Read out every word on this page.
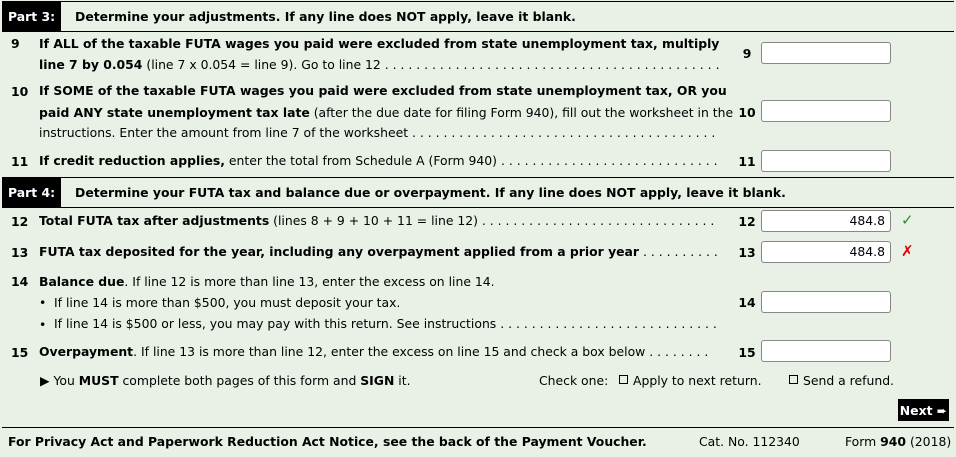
Part 3:	Determine your adjustments. If any line does NOT apply, leave it blank.
9 If ALL of the taxable FUTA wages you paid were excluded from state unemployment tax, multiply
line 7 by 0.054 (line 7 x 0.054 = line 9). Go to line 12 . . .
9
10 If SOME of the taxable FUTA wages you paid were excluded from state unemployment tax, OR you
paid ANY state unemployment tax late (after the due date for filing Form 940), fill out the worksheet in the
instructions. Enter the amount from line 7 of the worksheet . . .
10
11 If credit reduction applies, enter the total from Schedule A (Form 940) . . .	11
Part 4:	Determine your FUTA tax and balance due or overpayment. If any line does NOT apply, leave it blank.
12 Total FUTA tax after adjustments (lines 8 + 9 + 10 + 11 = line 12) . . .	12	484.8	✓
13 FUTA tax deposited for the year, including any overpayment applied from a prior year . . .	13	484.8	✗
14 Balance due. If line 12 is more than line 13, enter the excess on line 14.
• If line 14 is more than $500, you must deposit your tax.
• If line 14 is $500 or less, you may pay with this return. See instructions . . .
14
15 Overpayment. If line 13 is more than line 12, enter the excess on line 15 and check a box below . . .	15
▶ You MUST complete both pages of this form and SIGN it.	Check one:	Apply to next return.	Send a refund.
Next ➨
For Privacy Act and Paperwork Reduction Act Notice, see the back of the Payment Voucher.	Cat. No. 112340	Form 940 (2018)
